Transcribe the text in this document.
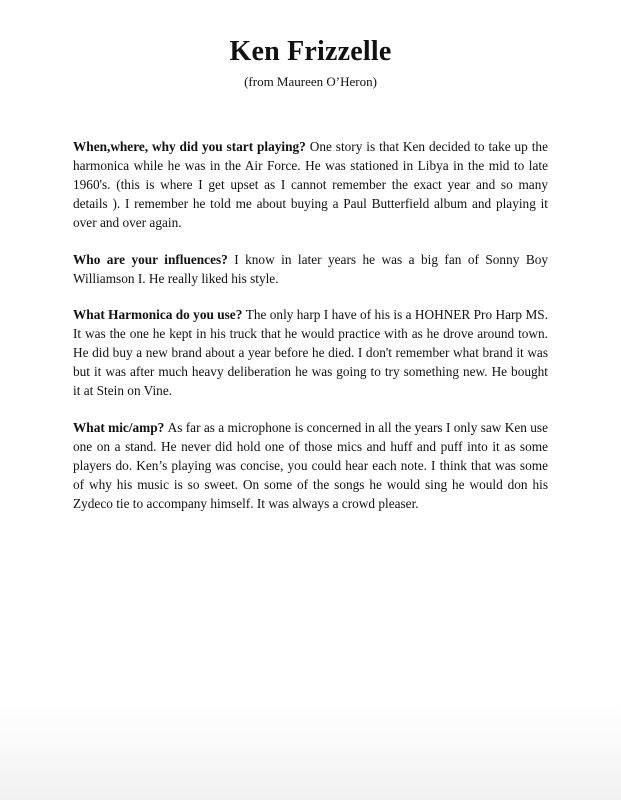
Ken Frizzelle
(from Maureen O’Heron)
When,where, why did you start playing? One story is that Ken decided to take up the harmonica while he was in the Air Force. He was stationed in Libya in the mid to late 1960's. (this is where I get upset as I cannot remember the exact year and so many details ). I remember he told me about buying a Paul Butterfield album and playing it over and over again.
Who are your influences? I know in later years he was a big fan of Sonny Boy Williamson I. He really liked his style.
What Harmonica do you use? The only harp I have of his is a HOHNER Pro Harp MS. It was the one he kept in his truck that he would practice with as he drove around town. He did buy a new brand about a year before he died. I don't remember what brand it was but it was after much heavy deliberation he was going to try something new. He bought it at Stein on Vine.
What mic/amp? As far as a microphone is concerned in all the years I only saw Ken use one on a stand. He never did hold one of those mics and huff and puff into it as some players do. Ken’s playing was concise, you could hear each note. I think that was some of why his music is so sweet. On some of the songs he would sing he would don his Zydeco tie to accompany himself. It was always a crowd pleaser.
